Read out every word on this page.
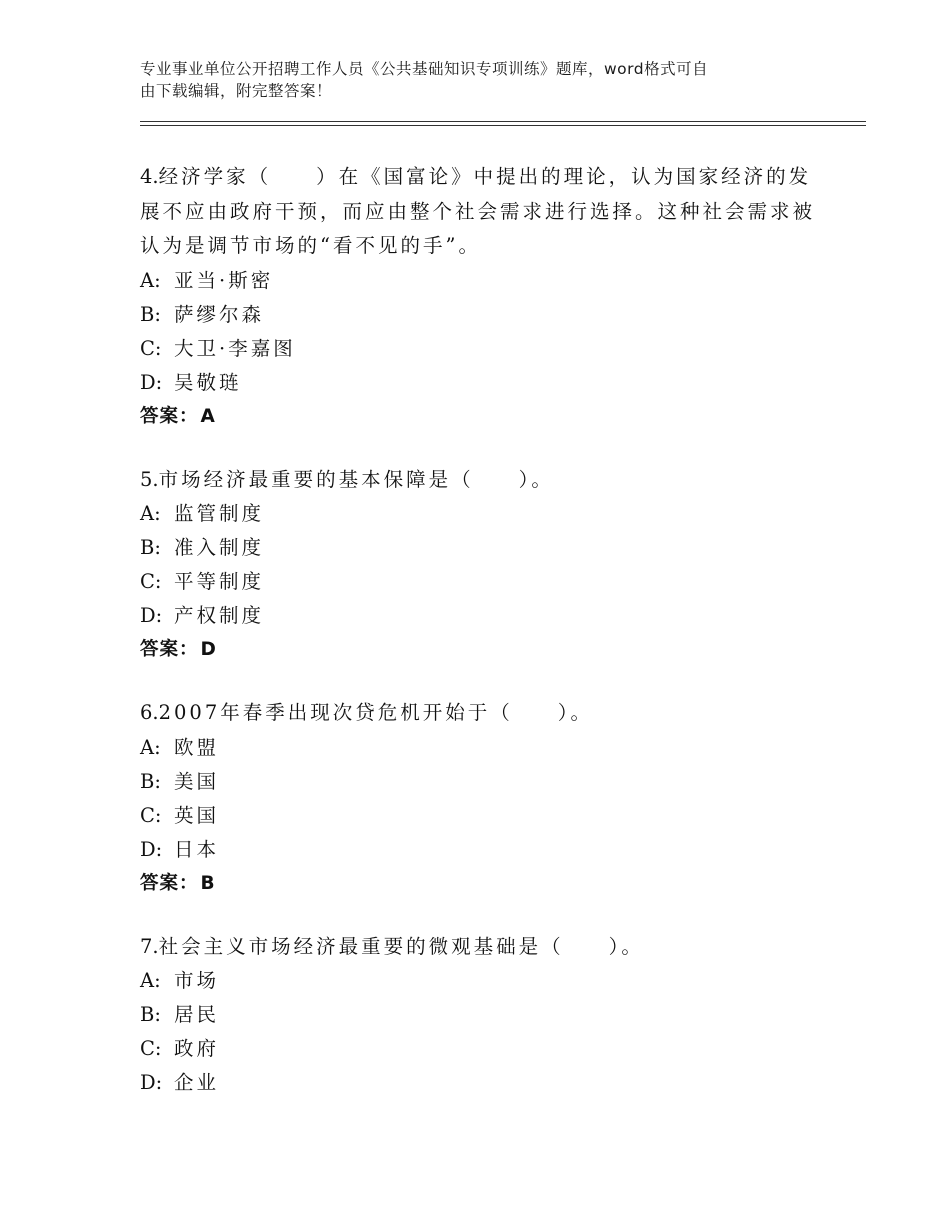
专业事业单位公开招聘工作人员《公共基础知识专项训练》题库，word格式可自
由下载编辑，附完整答案！
4.经济学家（　　）在《国富论》中提出的理论，认为国家经济的发展不应由政府干预，而应由整个社会需求进行选择。这种社会需求被认为是调节市场的“看不见的手”。
A: 亚当·斯密
B: 萨缪尔森
C: 大卫·李嘉图
D: 吴敬琏
答案： A
5.市场经济最重要的基本保障是（　　）。
A: 监管制度
B: 准入制度
C: 平等制度
D: 产权制度
答案： D
6.2007年春季出现次贷危机开始于（　　）。
A: 欧盟
B: 美国
C: 英国
D: 日本
答案： B
7.社会主义市场经济最重要的微观基础是（　　）。
A: 市场
B: 居民
C: 政府
D: 企业
